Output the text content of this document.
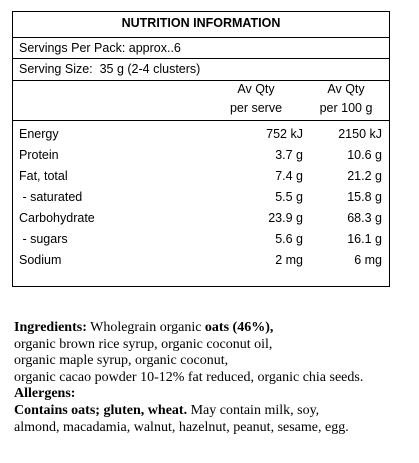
NUTRITION INFORMATION
Servings Per Pack: approx..6
Serving Size:  35 g (2-4 clusters)
Av Qty
per serve
Av Qty
per 100 g
Energy	752 kJ	2150 kJ
Protein	3.7 g	10.6 g
Fat, total	7.4 g	21.2 g
- saturated	5.5 g	15.8 g
Carbohydrate	23.9 g	68.3 g
- sugars	5.6 g	16.1 g
Sodium	2 mg	6 mg

Ingredients: Wholegrain organic oats (46%),

organic brown rice syrup, organic coconut oil,

organic maple syrup, organic coconut,

organic cacao powder 10-12% fat reduced, organic chia seeds.

Allergens:

Contains oats; gluten, wheat. May contain milk, soy,

almond, macadamia, walnut, hazelnut, peanut, sesame, egg.
